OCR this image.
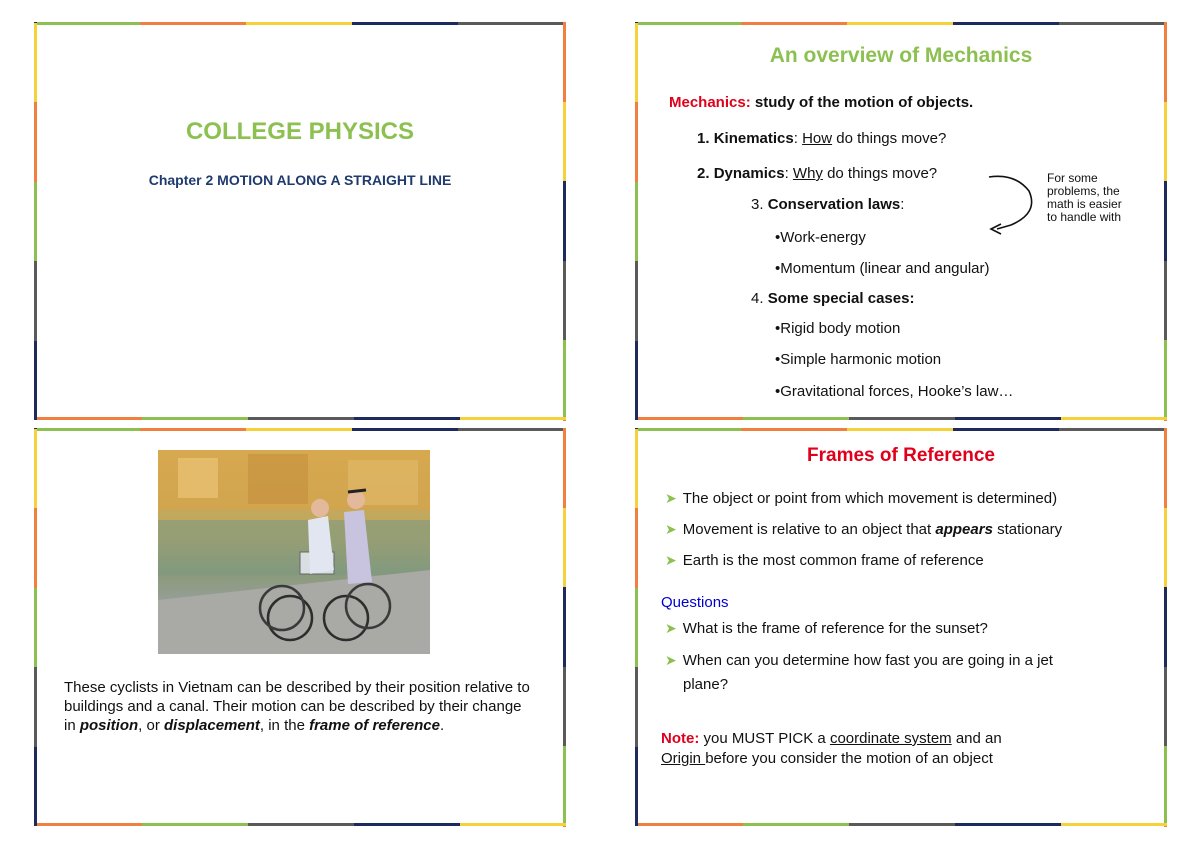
COLLEGE PHYSICS
Chapter 2 MOTION ALONG A STRAIGHT LINE
An overview of Mechanics
Mechanics: study of the motion of objects.
1. Kinematics: How do things move?
2. Dynamics: Why do things move?
3. Conservation laws:
•Work-energy
•Momentum (linear and angular)
4. Some special cases:
•Rigid body motion
•Simple harmonic motion
•Gravitational forces, Hooke’s law…
For some
problems, the
math is easier
to handle with
These cyclists in Vietnam can be described by their position relative to buildings and a canal. Their motion can be described by their change in position, or displacement, in the frame of reference.
Frames of Reference
➤ The object or point from which movement is determined)
➤ Movement is relative to an object that appears stationary
➤ Earth is the most common frame of reference
Questions
➤ What is the frame of reference for the sunset?
➤ When can you determine how fast you are going in a jet
plane?
Note: you MUST PICK a coordinate system and an
Origin before you consider the motion of an object
